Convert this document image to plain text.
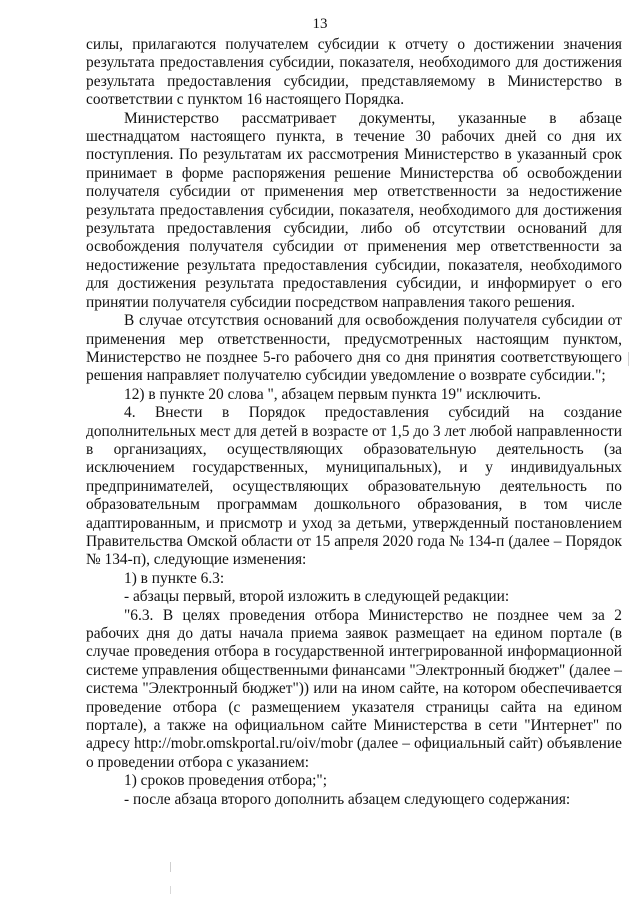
13

силы, прилагаются получателем субсидии к отчету о достижении значения результата предоставления субсидии, показателя, необходимого для достижения результата предоставления субсидии, представляемому в Министерство в соответствии с пунктом 16 настоящего Порядка.

Министерство рассматривает документы, указанные в абзаце шестнадцатом настоящего пункта, в течение 30 рабочих дней со дня их поступления. По результатам их рассмотрения Министерство в указанный срок принимает в форме распоряжения решение Министерства об освобождении получателя субсидии от применения мер ответственности за недостижение результата предоставления субсидии, показателя, необходимого для достижения результата предоставления субсидии, либо об отсутствии оснований для освобождения получателя субсидии от применения мер ответственности за недостижение результата предоставления субсидии, показателя, необходимого для достижения результата предоставления субсидии, и информирует о его принятии получателя субсидии посредством направления такого решения.

В случае отсутствия оснований для освобождения получателя субсидии от применения мер ответственности, предусмотренных настоящим пунктом, Министерство не позднее 5-го рабочего дня со дня принятия соответствующего решения направляет получателю субсидии уведомление о возврате субсидии.";

12) в пункте 20 слова ", абзацем первым пункта 19" исключить.

4. Внести в Порядок предоставления субсидий на создание дополнительных мест для детей в возрасте от 1,5 до 3 лет любой направленности в организациях, осуществляющих образовательную деятельность (за исключением государственных, муниципальных), и у индивидуальных предпринимателей, осуществляющих образовательную деятельность по образовательным программам дошкольного образования, в том числе адаптированным, и присмотр и уход за детьми, утвержденный постановлением Правительства Омской области от 15 апреля 2020 года № 134-п (далее – Порядок № 134-п), следующие изменения:

1) в пункте 6.3:

- абзацы первый, второй изложить в следующей редакции:

"6.3. В целях проведения отбора Министерство не позднее чем за 2 рабочих дня до даты начала приема заявок размещает на едином портале (в случае проведения отбора в государственной интегрированной информационной системе управления общественными финансами "Электронный бюджет" (далее – система "Электронный бюджет")) или на ином сайте, на котором обеспечивается проведение отбора (с размещением указателя страницы сайта на едином портале), а также на официальном сайте Министерства в сети "Интернет" по адресу http://mobr.omskportal.ru/oiv/mobr (далее – официальный сайт) объявление о проведении отбора с указанием:

1) сроков проведения отбора;";

- после абзаца второго дополнить абзацем следующего содержания:
